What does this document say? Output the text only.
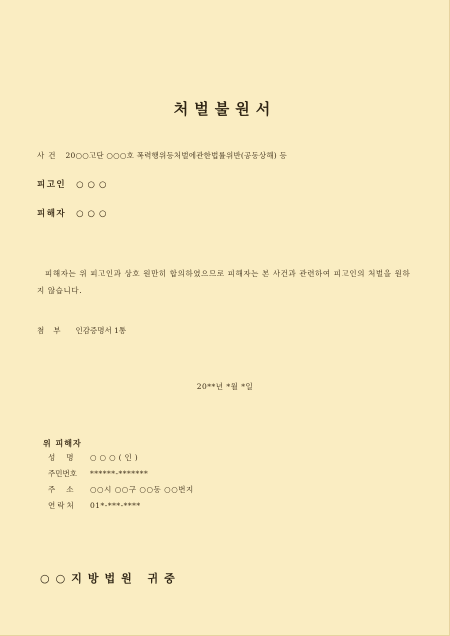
처벌불원서
사건 20○○고단 ○○○호 폭력행위등처벌에관한법률위반(공동상해) 등
피고인 ○○○
피해자 ○○○
피해자는 위 피고인과 상호 원만히 합의하였으므로 피해자는 본 사건과 관련하여 피고인의 처벌을 원하지 않습니다.
첨부 인감증명서 1통
20**년 *월 *일
위 피해자
성명 ○○○(인)
주민번호 ******-*******
주소 ○○시 ○○구 ○○동 ○○번지
연락처 01*-***-****
○○지방법원 귀중
